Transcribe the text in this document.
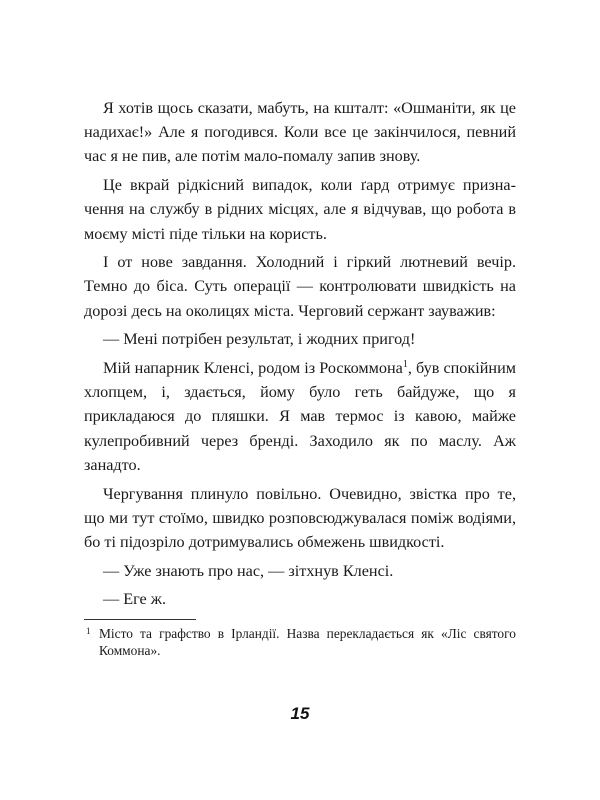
Я хотів щось сказати, мабуть, на кшталт: «Ошманіти, як це надихає!» Але я погодився. Коли все це закінчилося, певний час я не пив, але потім мало-помалу запив знову.

Це вкрай рідкісний випадок, коли ґард отримує призначення на службу в рідних місцях, але я відчував, що робота в моєму місті піде тільки на користь.

І от нове завдання. Холодний і гіркий лютневий вечір. Темно до біса. Суть операції — контролювати швидкість на дорозі десь на околицях міста. Черговий сержант зауважив:

— Мені потрібен результат, і жодних пригод!

Мій напарник Кленсі, родом із Роскоммона$^1$, був спокійним хлопцем, і, здається, йому було геть байдуже, що я прикладаюся до пляшки. Я мав термос із кавою, майже кулепробивний через бренді. Заходило як по маслу. Аж занадто.

Чергування плинуло повільно. Очевидно, звістка про те, що ми тут стоїмо, швидко розповсюджувалася поміж водіями, бо ті підозріло дотримувались обмежень швидкості.

— Уже знають про нас, — зітхнув Кленсі.

— Еге ж.

1 Місто та графство в Ірландії. Назва перекладається як «Ліс святого Коммона».
15
